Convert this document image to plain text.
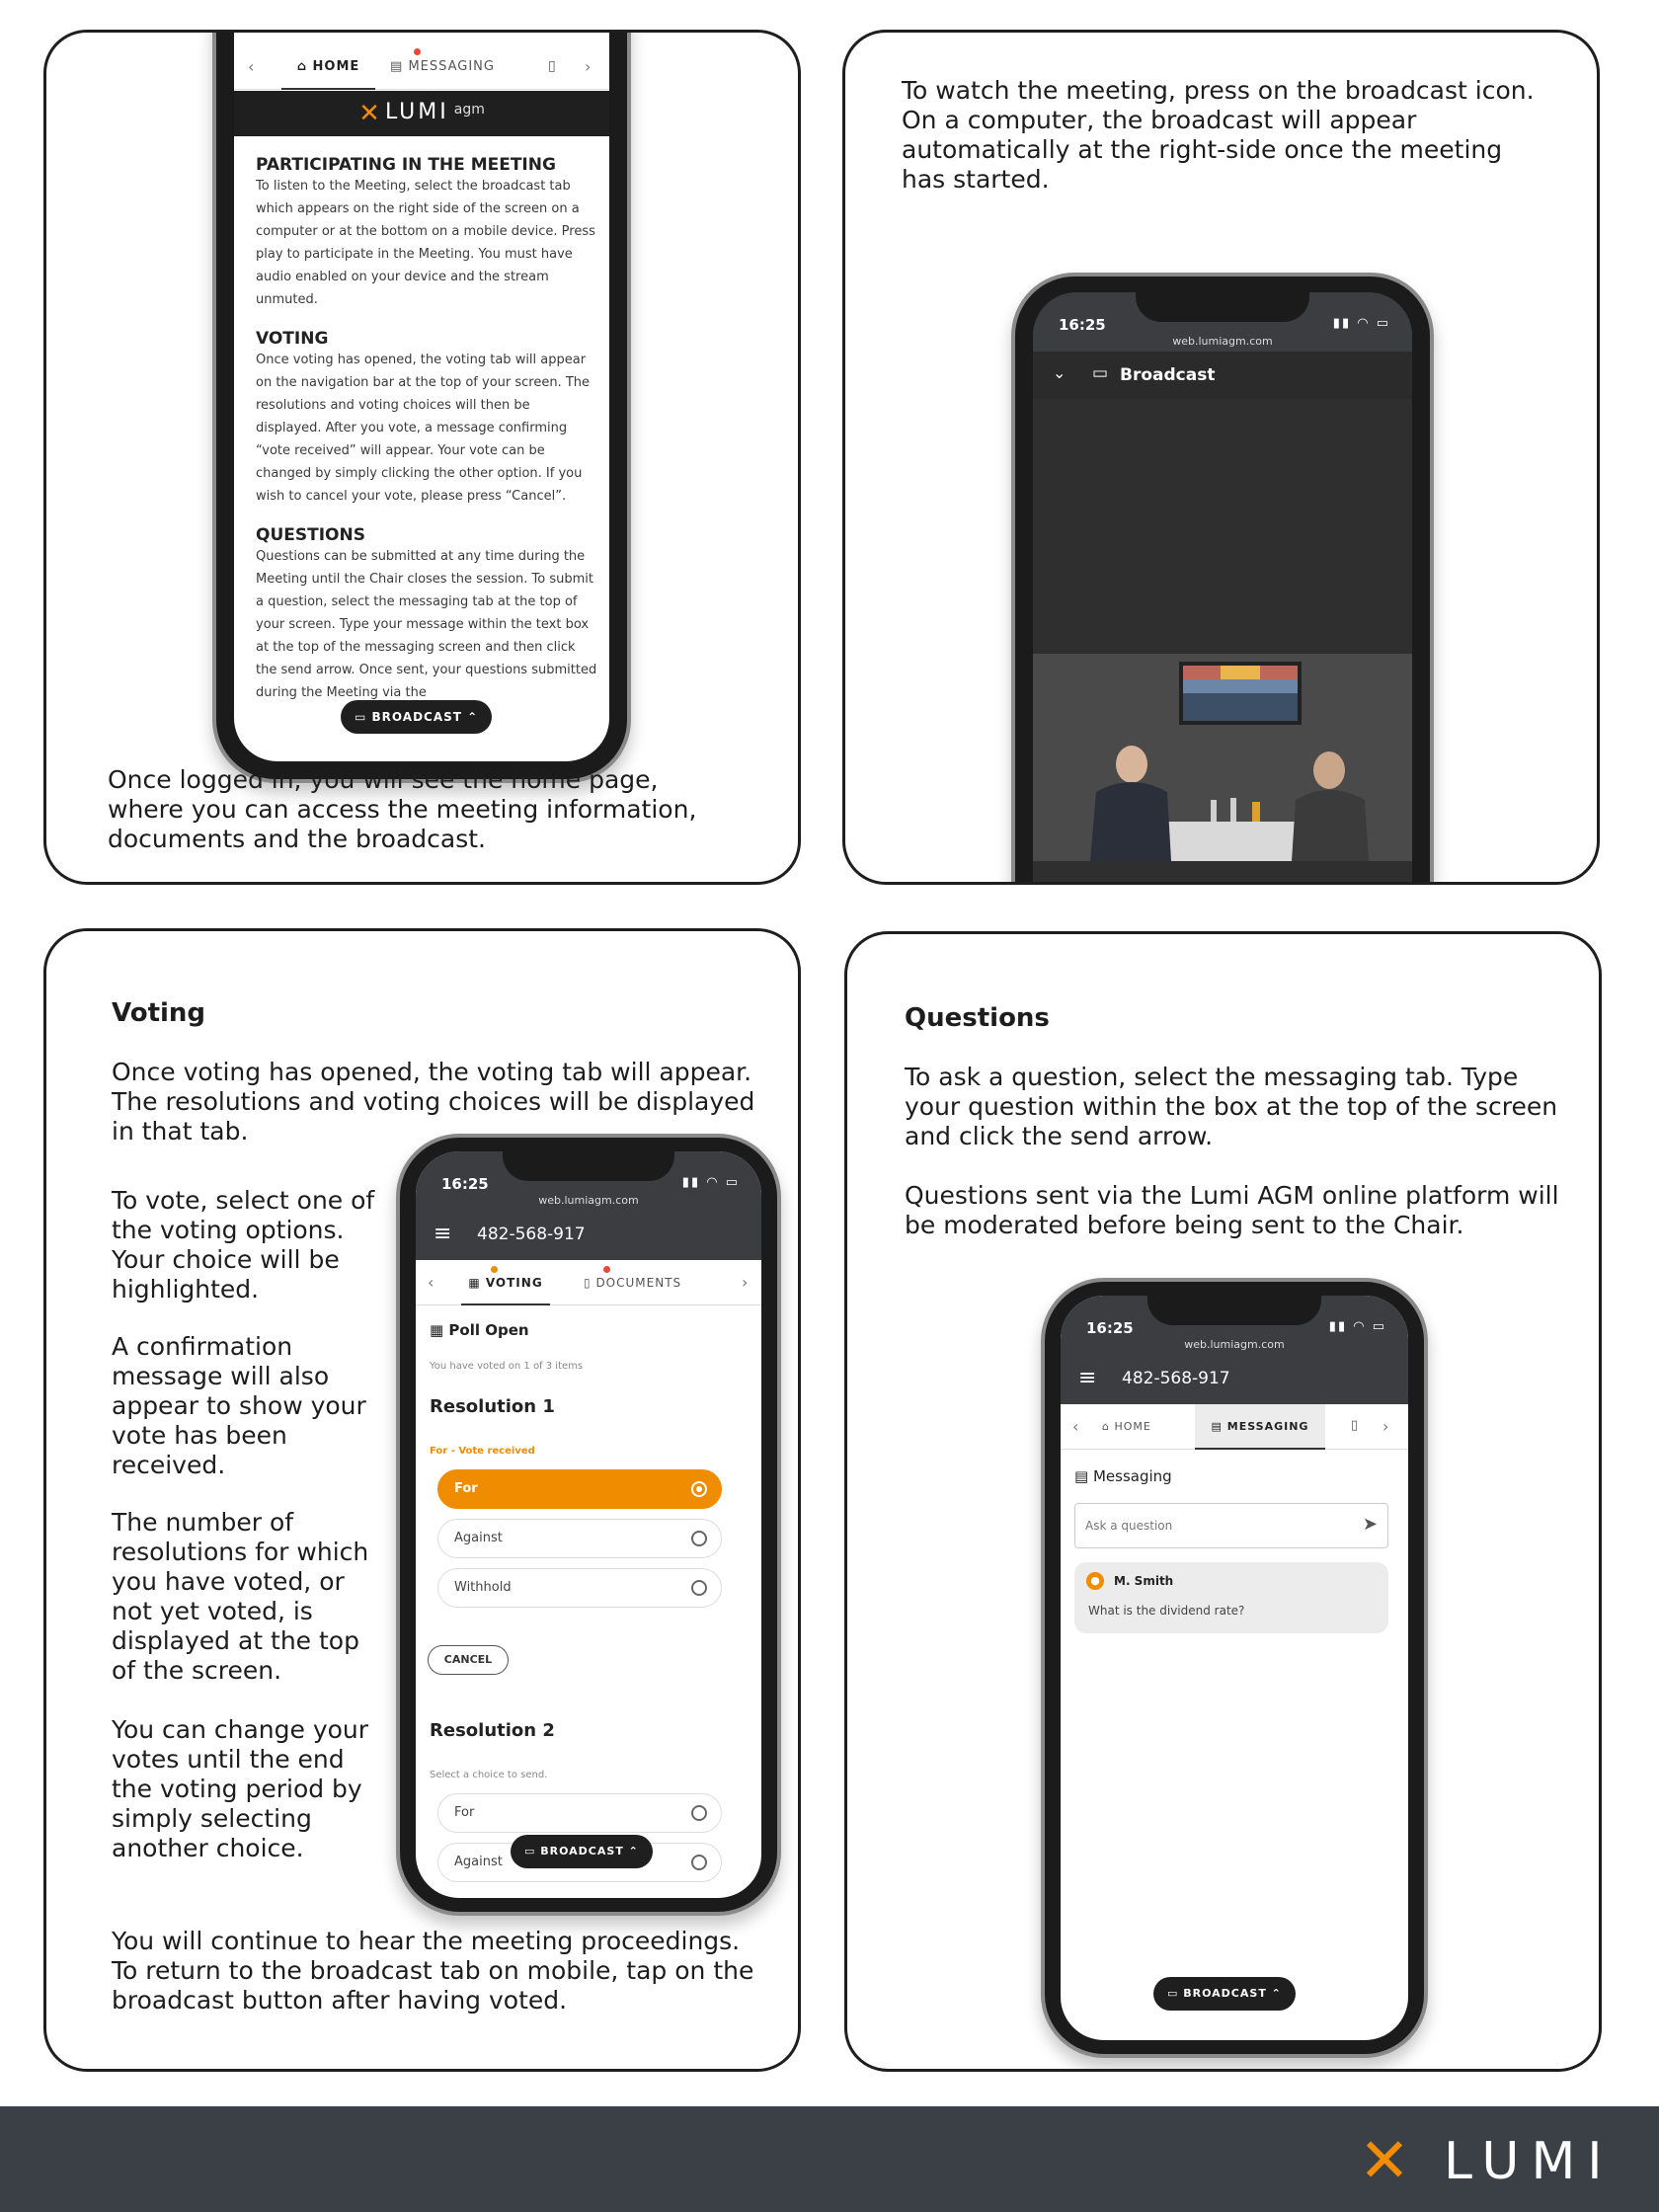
‹	⌂ HOME	▤ MESSAGING	▯ ›
✕ LUMI agm
PARTICIPATING IN THE MEETING
To listen to the Meeting, select the broadcast tab which appears on the right side of the screen on a computer or at the bottom on a mobile device. Press play to participate in the Meeting. You must have audio enabled on your device and the stream unmuted.
VOTING
Once voting has opened, the voting tab will appear on the navigation bar at the top of your screen. The resolutions and voting choices will then be displayed. After you vote, a message confirming “vote received” will appear. Your vote can be changed by simply clicking the other option. If you wish to cancel your vote, please press “Cancel”.
QUESTIONS
Questions can be submitted at any time during the Meeting until the Chair closes the session. To submit a question, select the messaging tab at the top of your screen. Type your message within the text box at the top of the messaging screen and then click the send arrow. Once sent, your questions submitted during the Meeting via the
▭ BROADCAST ⌃
Once logged in, you will see the home page, where you can access the meeting information, documents and the broadcast.
To watch the meeting, press on the broadcast icon. On a computer, the broadcast will appear automatically at the right-side once the meeting has started.
16:25	▮▮ ◠ ▭
web.lumiagm.com
⌄ ▭ Broadcast
Voting
Once voting has opened, the voting tab will appear. The resolutions and voting choices will be displayed in that tab.
To vote, select one of the voting options. Your choice will be highlighted.
A confirmation message will also appear to show your vote has been received.
The number of resolutions for which you have voted, or not yet voted, is displayed at the top of the screen.
You can change your votes until the end the voting period by simply selecting another choice.
You will continue to hear the meeting proceedings. To return to the broadcast tab on mobile, tap on the broadcast button after having voted.
16:25	▮▮ ◠ ▭
web.lumiagm.com
≡ 482-568-917
‹	▦ VOTING	▯ DOCUMENTS	›
▦ Poll Open
You have voted on 1 of 3 items
Resolution 1
For - Vote received
For
Against
Withhold
CANCEL
Resolution 2
Select a choice to send.
For
Against
▭ BROADCAST ⌃
Questions
To ask a question, select the messaging tab. Type your question within the box at the top of the screen and click the send arrow.
Questions sent via the Lumi AGM online platform will be moderated before being sent to the Chair.
16:25	▮▮ ◠ ▭
web.lumiagm.com
≡ 482-568-917
‹ ⌂ HOME	▤ MESSAGING	▯ ›
▤ Messaging
Ask a question	➤
●	M. Smith
What is the dividend rate?
▭ BROADCAST ⌃
✕ LUMI
